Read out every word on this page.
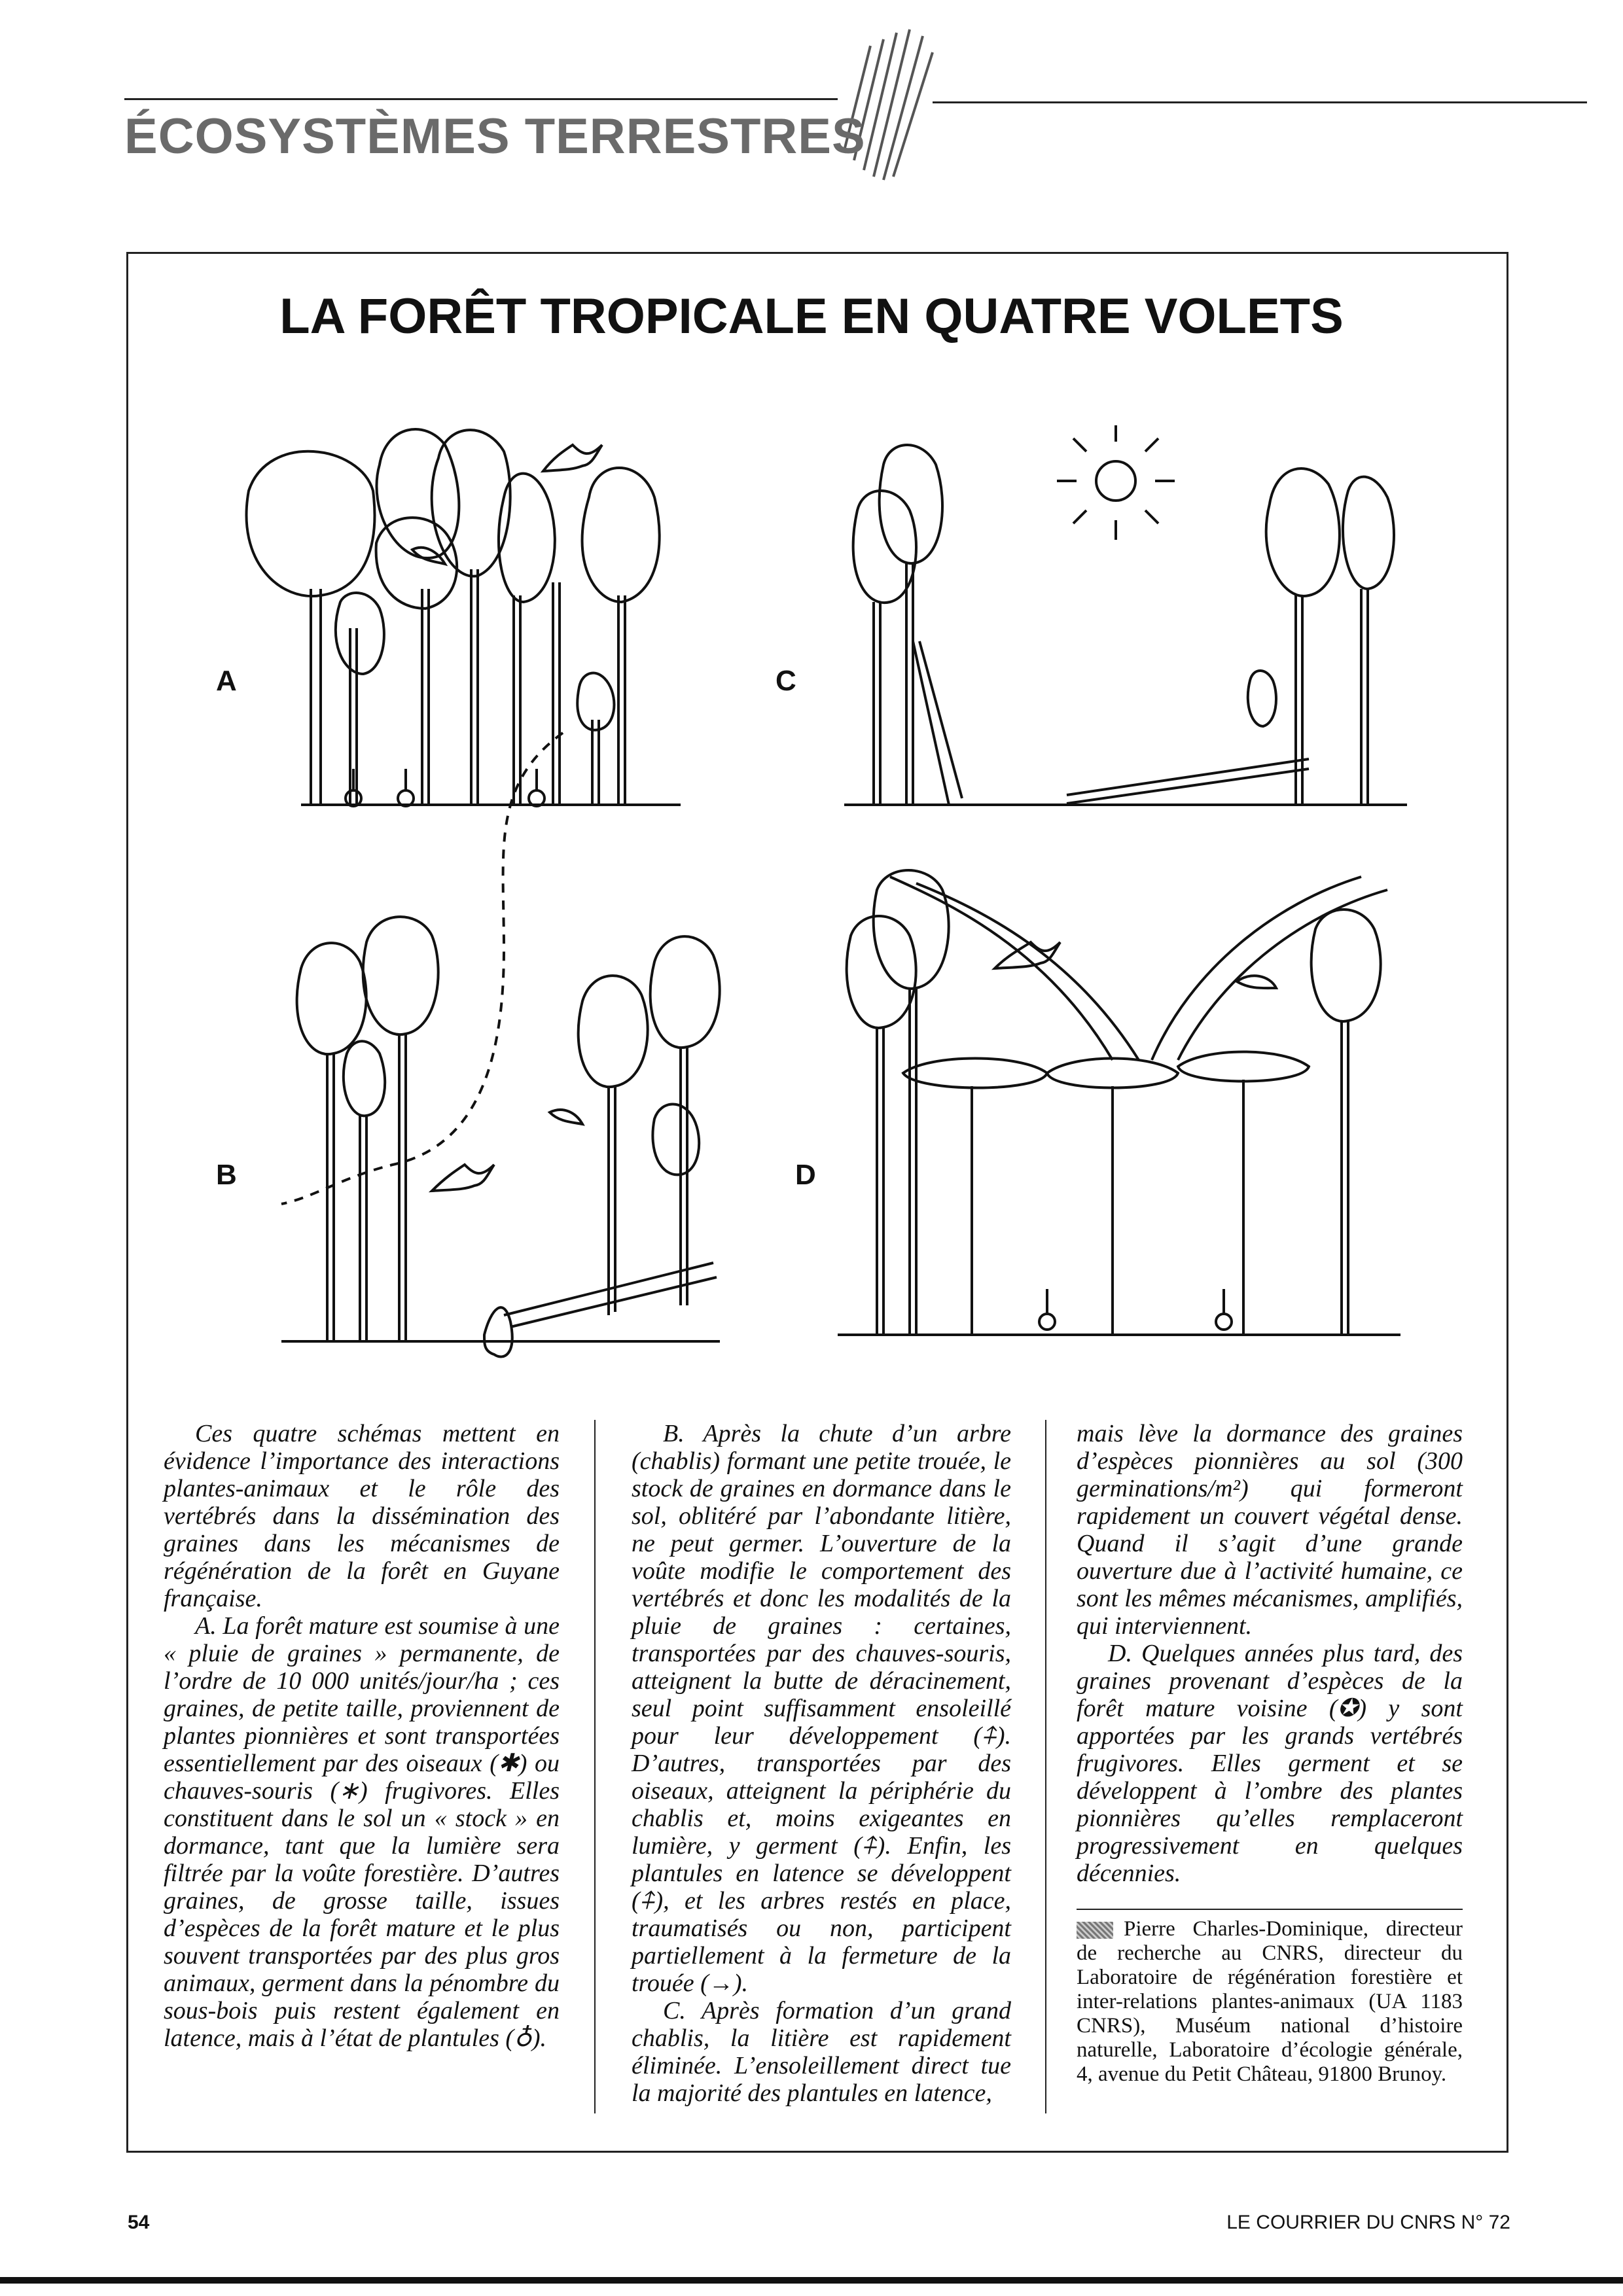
ÉCOSYSTÈMES TERRESTRES
LA FORÊT TROPICALE EN QUATRE VOLETS
A
B
C
D

Ces quatre schémas mettent en évidence l’importance des interactions plantes-animaux et le rôle des vertébrés dans la dissémination des graines dans les mécanismes de régénération de la forêt en Guyane française.

A. La forêt mature est soumise à une « pluie de graines » permanente, de l’ordre de 10 000 unités/jour/ha ; ces graines, de petite taille, proviennent de plantes pionnières et sont transportées essentiellement par des oiseaux (✱) ou chauves-souris (∗) frugivores. Elles constituent dans le sol un « stock » en dormance, tant que la lumière sera filtrée par la voûte forestière. D’autres graines, de grosse taille, issues d’espèces de la forêt mature et le plus souvent transportées par des plus gros animaux, germent dans la pénombre du sous-bois puis restent également en latence, mais à l’état de plantules (♁).

B. Après la chute d’un arbre (chablis) formant une petite trouée, le stock de graines en dormance dans le sol, oblitéré par l’abondante litière, ne peut germer. L’ouverture de la voûte modifie le comportement des vertébrés et donc les modalités de la pluie de graines : certaines, transportées par des chauves-souris, atteignent la butte de déracinement, seul point suffisamment ensoleillé pour leur développement (⍏). D’autres, transportées par des oiseaux, atteignent la périphérie du chablis et, moins exigeantes en lumière, y germent (⍏). Enfin, les plantules en latence se développent (⍏), et les arbres restés en place, traumatisés ou non, participent partiellement à la fermeture de la trouée (→).

C. Après formation d’un grand chablis, la litière est rapidement éliminée. L’ensoleillement direct tue la majorité des plantules en latence,

mais lève la dormance des graines d’espèces pionnières au sol (300 germinations/m²) qui formeront rapidement un couvert végétal dense. Quand il s’agit d’une grande ouverture due à l’activité humaine, ce sont les mêmes mécanismes, amplifiés, qui interviennent.

D. Quelques années plus tard, des graines provenant d’espèces de la forêt mature voisine (✪) y sont apportées par les grands vertébrés frugivores. Elles germent et se développent à l’ombre des plantes pionnières qu’elles remplaceront progressivement en quelques décennies.

Pierre Charles-Dominique, directeur de recherche au CNRS, directeur du Laboratoire de régénération forestière et inter-relations plantes-animaux (UA 1183 CNRS), Muséum national d’histoire naturelle, Laboratoire d’écologie générale, 4, avenue du Petit Château, 91800 Brunoy.
54	LE COURRIER DU CNRS N° 72
